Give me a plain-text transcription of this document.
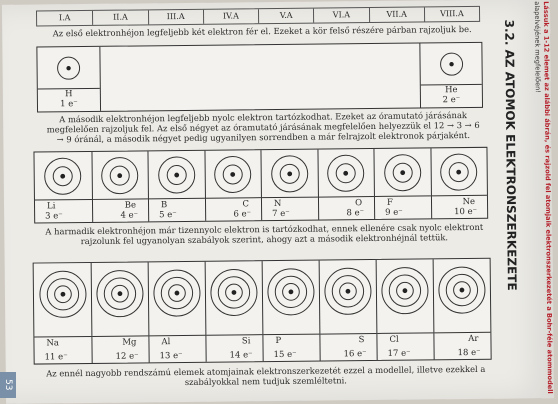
I.A	II.A	III.A	IV.A	V.A	VI.A	VII.A	VIII.A
Az első elektronhéjon legfeljebb két elektron fér el. Ezeket a kör felső részére párban rajzoljuk be.
H
1 e⁻
He
2 e⁻
A második elektronhéjon legfeljebb nyolc elektron tartózkodhat. Ezeket az óramutató járásának megfelelően rajzoljuk fel. Az első négyet az óramutató járásának megfelelően helyezzük el 12 → 3 → 6 → 9 óránál, a második négyet pedig ugyanilyen sorrendben a már felrajzolt elektronok párjaként.
Li
3 e⁻
Be
4 e⁻
B
5 e⁻
C
6 e⁻
N
7 e⁻
O
8 e⁻
F
9 e⁻
Ne
10 e⁻
A harmadik elektronhéjon már tizennyolc elektron is tartózkodhat, ennek ellenére csak nyolc elektront rajzolunk fel ugyanolyan szabályok szerint, ahogy azt a második elektronhéjnál tettük.
Na
11 e⁻
Mg
12 e⁻
Al
13 e⁻
Si
14 e⁻
P
15 e⁻
S
16 e⁻
Cl
17 e⁻
Ar
18 e⁻
Az ennél nagyobb rendszámú elemek atomjainak elektronszerkezetét ezzel a modellel, illetve ezekkel a szabályokkal nem tudjuk szemléltetni.
3.2. AZ ATOMOK ELEKTRONSZERKEZETE	Lássuk a 1-12 elemet az alábbi ábrán, és rajzold fel atomjaik elektronszerkezetét a Bohr-féle atommodell alapelvéjének megfelelően!
53
